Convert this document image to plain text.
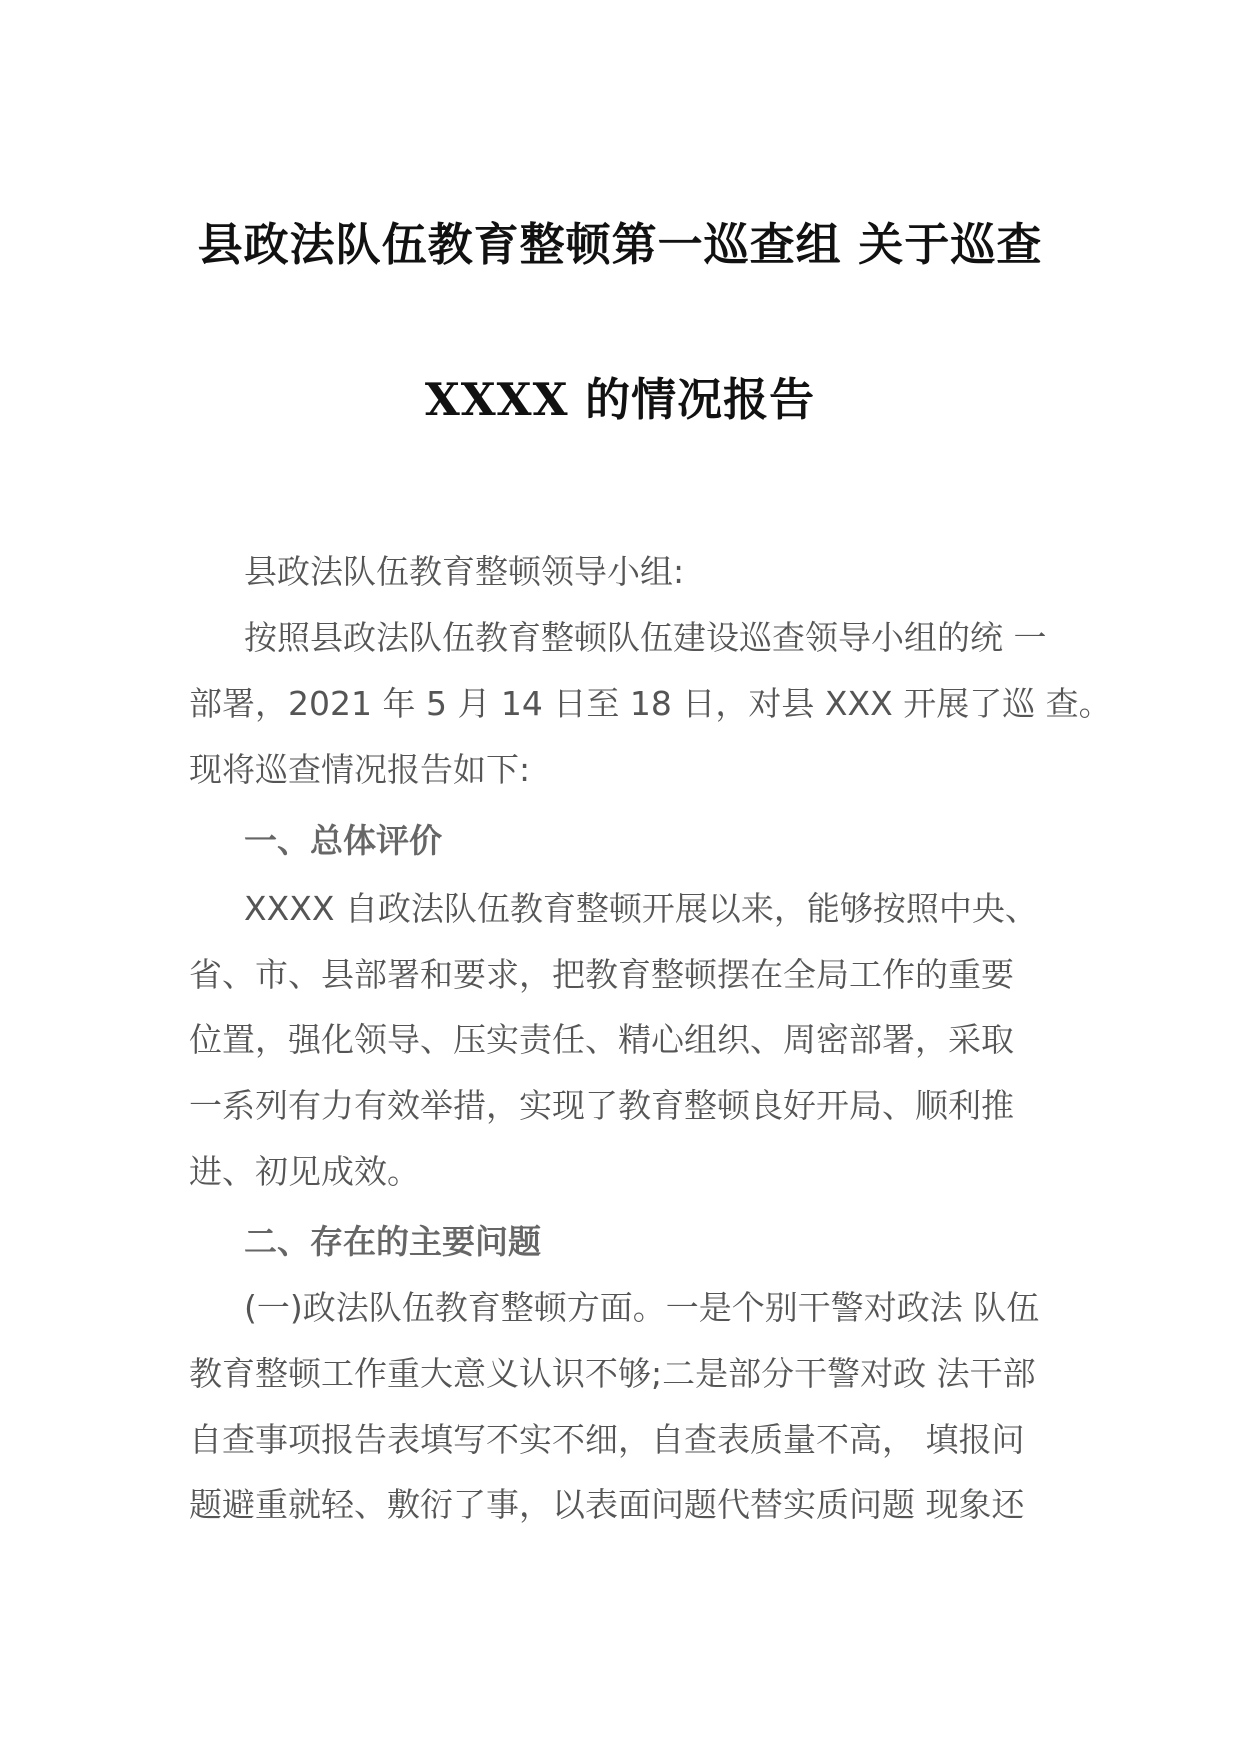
县政法队伍教育整顿第一巡查组 关于巡查
XXXX 的情况报告
县政法队伍教育整顿领导小组:
按照县政法队伍教育整顿队伍建设巡查领导小组的统 一
部署，2021 年 5 月 14 日至 18 日，对县 XXX 开展了巡 查。
现将巡查情况报告如下:
一、总体评价
XXXX 自政法队伍教育整顿开展以来，能够按照中央、
省、市、县部署和要求，把教育整顿摆在全局工作的重要
位置，强化领导、压实责任、精心组织、周密部署，采取
一系列有力有效举措，实现了教育整顿良好开局、顺利推
进、初见成效。
二、存在的主要问题
(一)政法队伍教育整顿方面。一是个别干警对政法 队伍
教育整顿工作重大意义认识不够;二是部分干警对政 法干部
自查事项报告表填写不实不细，自查表质量不高， 填报问
题避重就轻、敷衍了事，以表面问题代替实质问题 现象还
